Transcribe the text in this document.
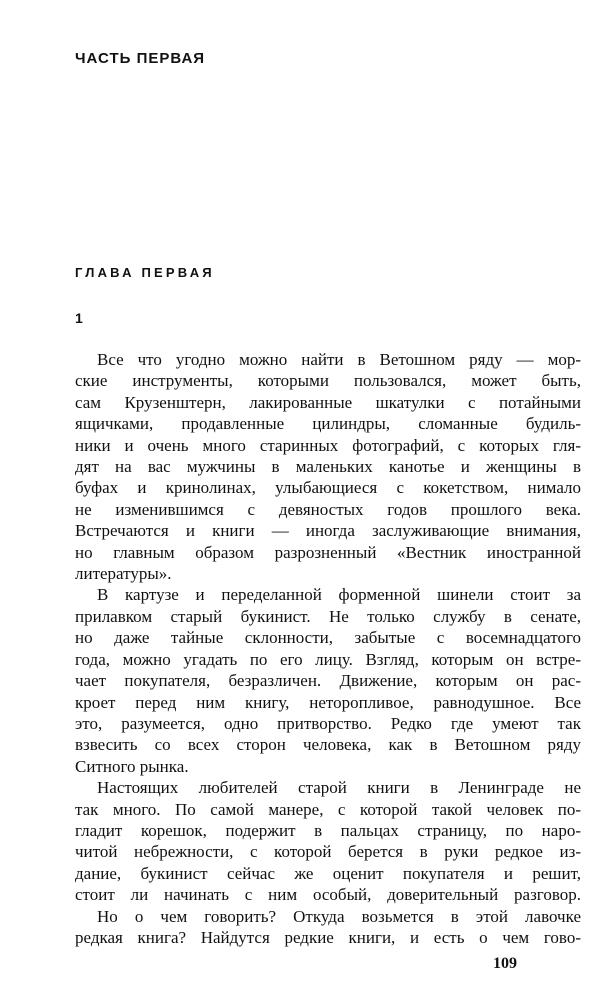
ЧАСТЬ ПЕРВАЯ
ГЛАВА ПЕРВАЯ
1
Все что угодно можно найти в Ветошном ряду — мор-
ские инструменты, которыми пользовался, может быть,
сам Крузенштерн, лакированные шкатулки с потайными
ящичками, продавленные цилиндры, сломанные будиль-
ники и очень много старинных фотографий, с которых гля-
дят на вас мужчины в маленьких канотье и женщины в
буфах и кринолинах, улыбающиеся с кокетством, нимало
не изменившимся с девяностых годов прошлого века.
Встречаются и книги — иногда заслуживающие внимания,
но главным образом разрозненный «Вестник иностранной
литературы».
В картузе и переделанной форменной шинели стоит за
прилавком старый букинист. Не только службу в сенате,
но даже тайные склонности, забытые с восемнадцатого
года, можно угадать по его лицу. Взгляд, которым он встре-
чает покупателя, безразличен. Движение, которым он рас-
кроет перед ним книгу, неторопливое, равнодушное. Все
это, разумеется, одно притворство. Редко где умеют так
взвесить со всех сторон человека, как в Ветошном ряду
Ситного рынка.
Настоящих любителей старой книги в Ленинграде не
так много. По самой манере, с которой такой человек по-
гладит корешок, подержит в пальцах страницу, по наро-
читой небрежности, с которой берется в руки редкое из-
дание, букинист сейчас же оценит покупателя и решит,
стоит ли начинать с ним особый, доверительный разговор.
Но о чем говорить? Откуда возьмется в этой лавочке
редкая книга? Найдутся редкие книги, и есть о чем гово-
109
